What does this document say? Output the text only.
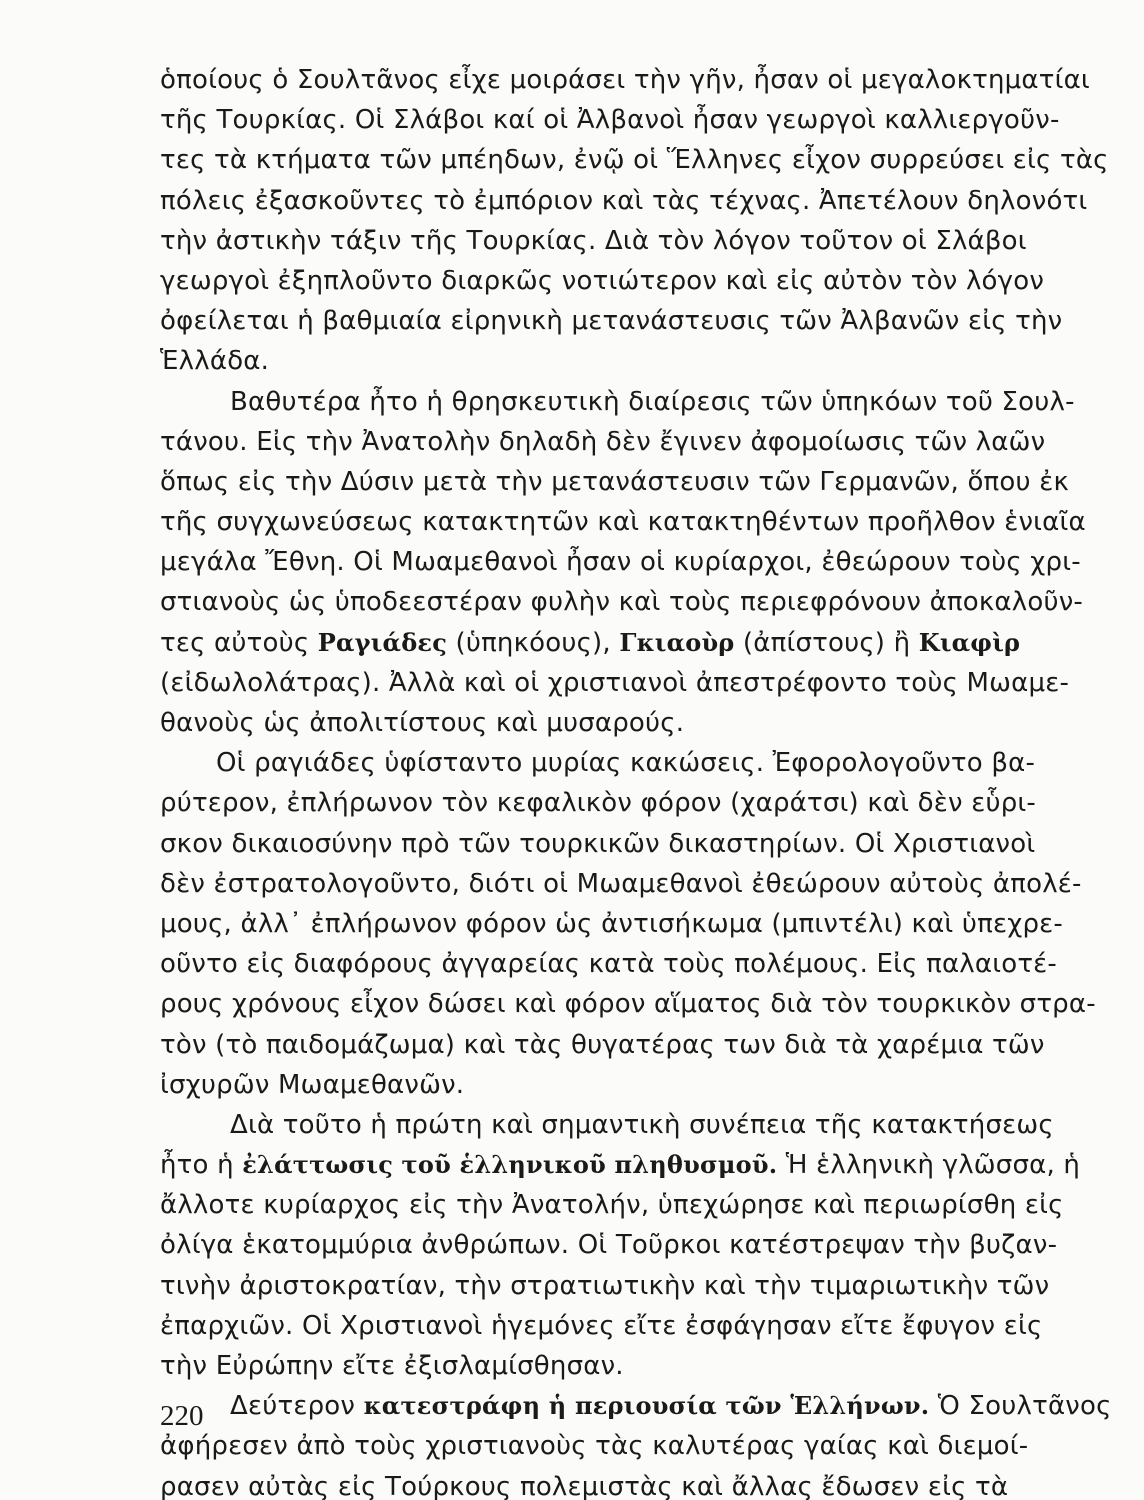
ὁποίους ὁ Σουλτᾶνος εἶχε μοιράσει τὴν γῆν, ἦσαν οἱ μεγαλοκτηματίαι
τῆς Τουρκίας. Οἱ Σλάβοι καί οἱ Ἀλβανοὶ ἦσαν γεωργοὶ καλλιεργοῦν-
τες τὰ κτήματα τῶν μπέηδων, ἐνῷ οἱ Ἕλληνες εἶχον συρρεύσει εἰς τὰς
πόλεις ἐξασκοῦντες τὸ ἐμπόριον καὶ τὰς τέχνας. Ἀπετέλουν δηλονότι
τὴν ἀστικὴν τάξιν τῆς Τουρκίας. Διὰ τὸν λόγον τοῦτον οἱ Σλάβοι
γεωργοὶ ἐξηπλοῦντο διαρκῶς νοτιώτερον καὶ εἰς αὐτὸν τὸν λόγον
ὀφείλεται ἡ βαθμιαία εἰρηνικὴ μετανάστευσις τῶν Ἀλβανῶν εἰς τὴν
Ἑλλάδα.
Βαθυτέρα ἦτο ἡ θρησκευτικὴ διαίρεσις τῶν ὑπηκόων τοῦ Σουλ-
τάνου. Εἰς τὴν Ἀνατολὴν δηλαδὴ δὲν ἔγινεν ἀφομοίωσις τῶν λαῶν
ὅπως εἰς τὴν Δύσιν μετὰ τὴν μετανάστευσιν τῶν Γερμανῶν, ὅπου ἐκ
τῆς συγχωνεύσεως κατακτητῶν καὶ κατακτηθέντων προῆλθον ἑνιαῖα
μεγάλα Ἔθνη. Οἱ Μωαμεθανοὶ ἦσαν οἱ κυρίαρχοι, ἐθεώρουν τοὺς χρι-
στιανοὺς ὡς ὑποδεεστέραν φυλὴν καὶ τοὺς περιεφρόνουν ἀποκαλοῦν-
τες αὐτοὺς Ραγιάδες (ὑπηκόους), Γκιαοὺρ (ἀπίστους) ἢ Κιαφὶρ
(εἰδωλολάτρας). Ἀλλὰ καὶ οἱ χριστιανοὶ ἀπεστρέφοντο τοὺς Μωαμε-
θανοὺς ὡς ἀπολιτίστους καὶ μυσαρούς.
Οἱ ραγιάδες ὑφίσταντο μυρίας κακώσεις. Ἐφορολογοῦντο βα-
ρύτερον, ἐπλήρωνον τὸν κεφαλικὸν φόρον (χαράτσι) καὶ δὲν εὗρι-
σκον δικαιοσύνην πρὸ τῶν τουρκικῶν δικαστηρίων. Οἱ Χριστιανοὶ
δὲν ἐστρατολογοῦντο, διότι οἱ Μωαμεθανοὶ ἐθεώρουν αὐτοὺς ἀπολέ-
μους, ἀλλ᾿ ἐπλήρωνον φόρον ὡς ἀντισήκωμα (μπιντέλι) καὶ ὑπεχρε-
οῦντο εἰς διαφόρους ἀγγαρείας κατὰ τοὺς πολέμους. Εἰς παλαιοτέ-
ρους χρόνους εἶχον δώσει καὶ φόρον αἵματος διὰ τὸν τουρκικὸν στρα-
τὸν (τὸ παιδομάζωμα) καὶ τὰς θυγατέρας των διὰ τὰ χαρέμια τῶν
ἰσχυρῶν Μωαμεθανῶν.
Διὰ τοῦτο ἡ πρώτη καὶ σημαντικὴ συνέπεια τῆς κατακτήσεως
ἦτο ἡ ἐλάττωσις τοῦ ἑλληνικοῦ πληθυσμοῦ. Ἡ ἑλληνικὴ γλῶσσα, ἡ
ἄλλοτε κυρίαρχος εἰς τὴν Ἀνατολήν, ὑπεχώρησε καὶ περιωρίσθη εἰς
ὀλίγα ἑκατομμύρια ἀνθρώπων. Οἱ Τοῦρκοι κατέστρεψαν τὴν βυζαν-
τινὴν ἀριστοκρατίαν, τὴν στρατιωτικὴν καὶ τὴν τιμαριωτικὴν τῶν
ἐπαρχιῶν. Οἱ Χριστιανοὶ ἡγεμόνες εἴτε ἐσφάγησαν εἴτε ἔφυγον εἰς
τὴν Εὐρώπην εἴτε ἐξισλαμίσθησαν.
Δεύτερον κατεστράφη ἡ περιουσία τῶν Ἑλλήνων. Ὁ Σουλτᾶνος
ἀφήρεσεν ἀπὸ τοὺς χριστιανοὺς τὰς καλυτέρας γαίας καὶ διεμοί-
ρασεν αὐτὰς εἰς Τούρκους πολεμιστὰς καὶ ἄλλας ἔδωσεν εἰς τὰ
220
